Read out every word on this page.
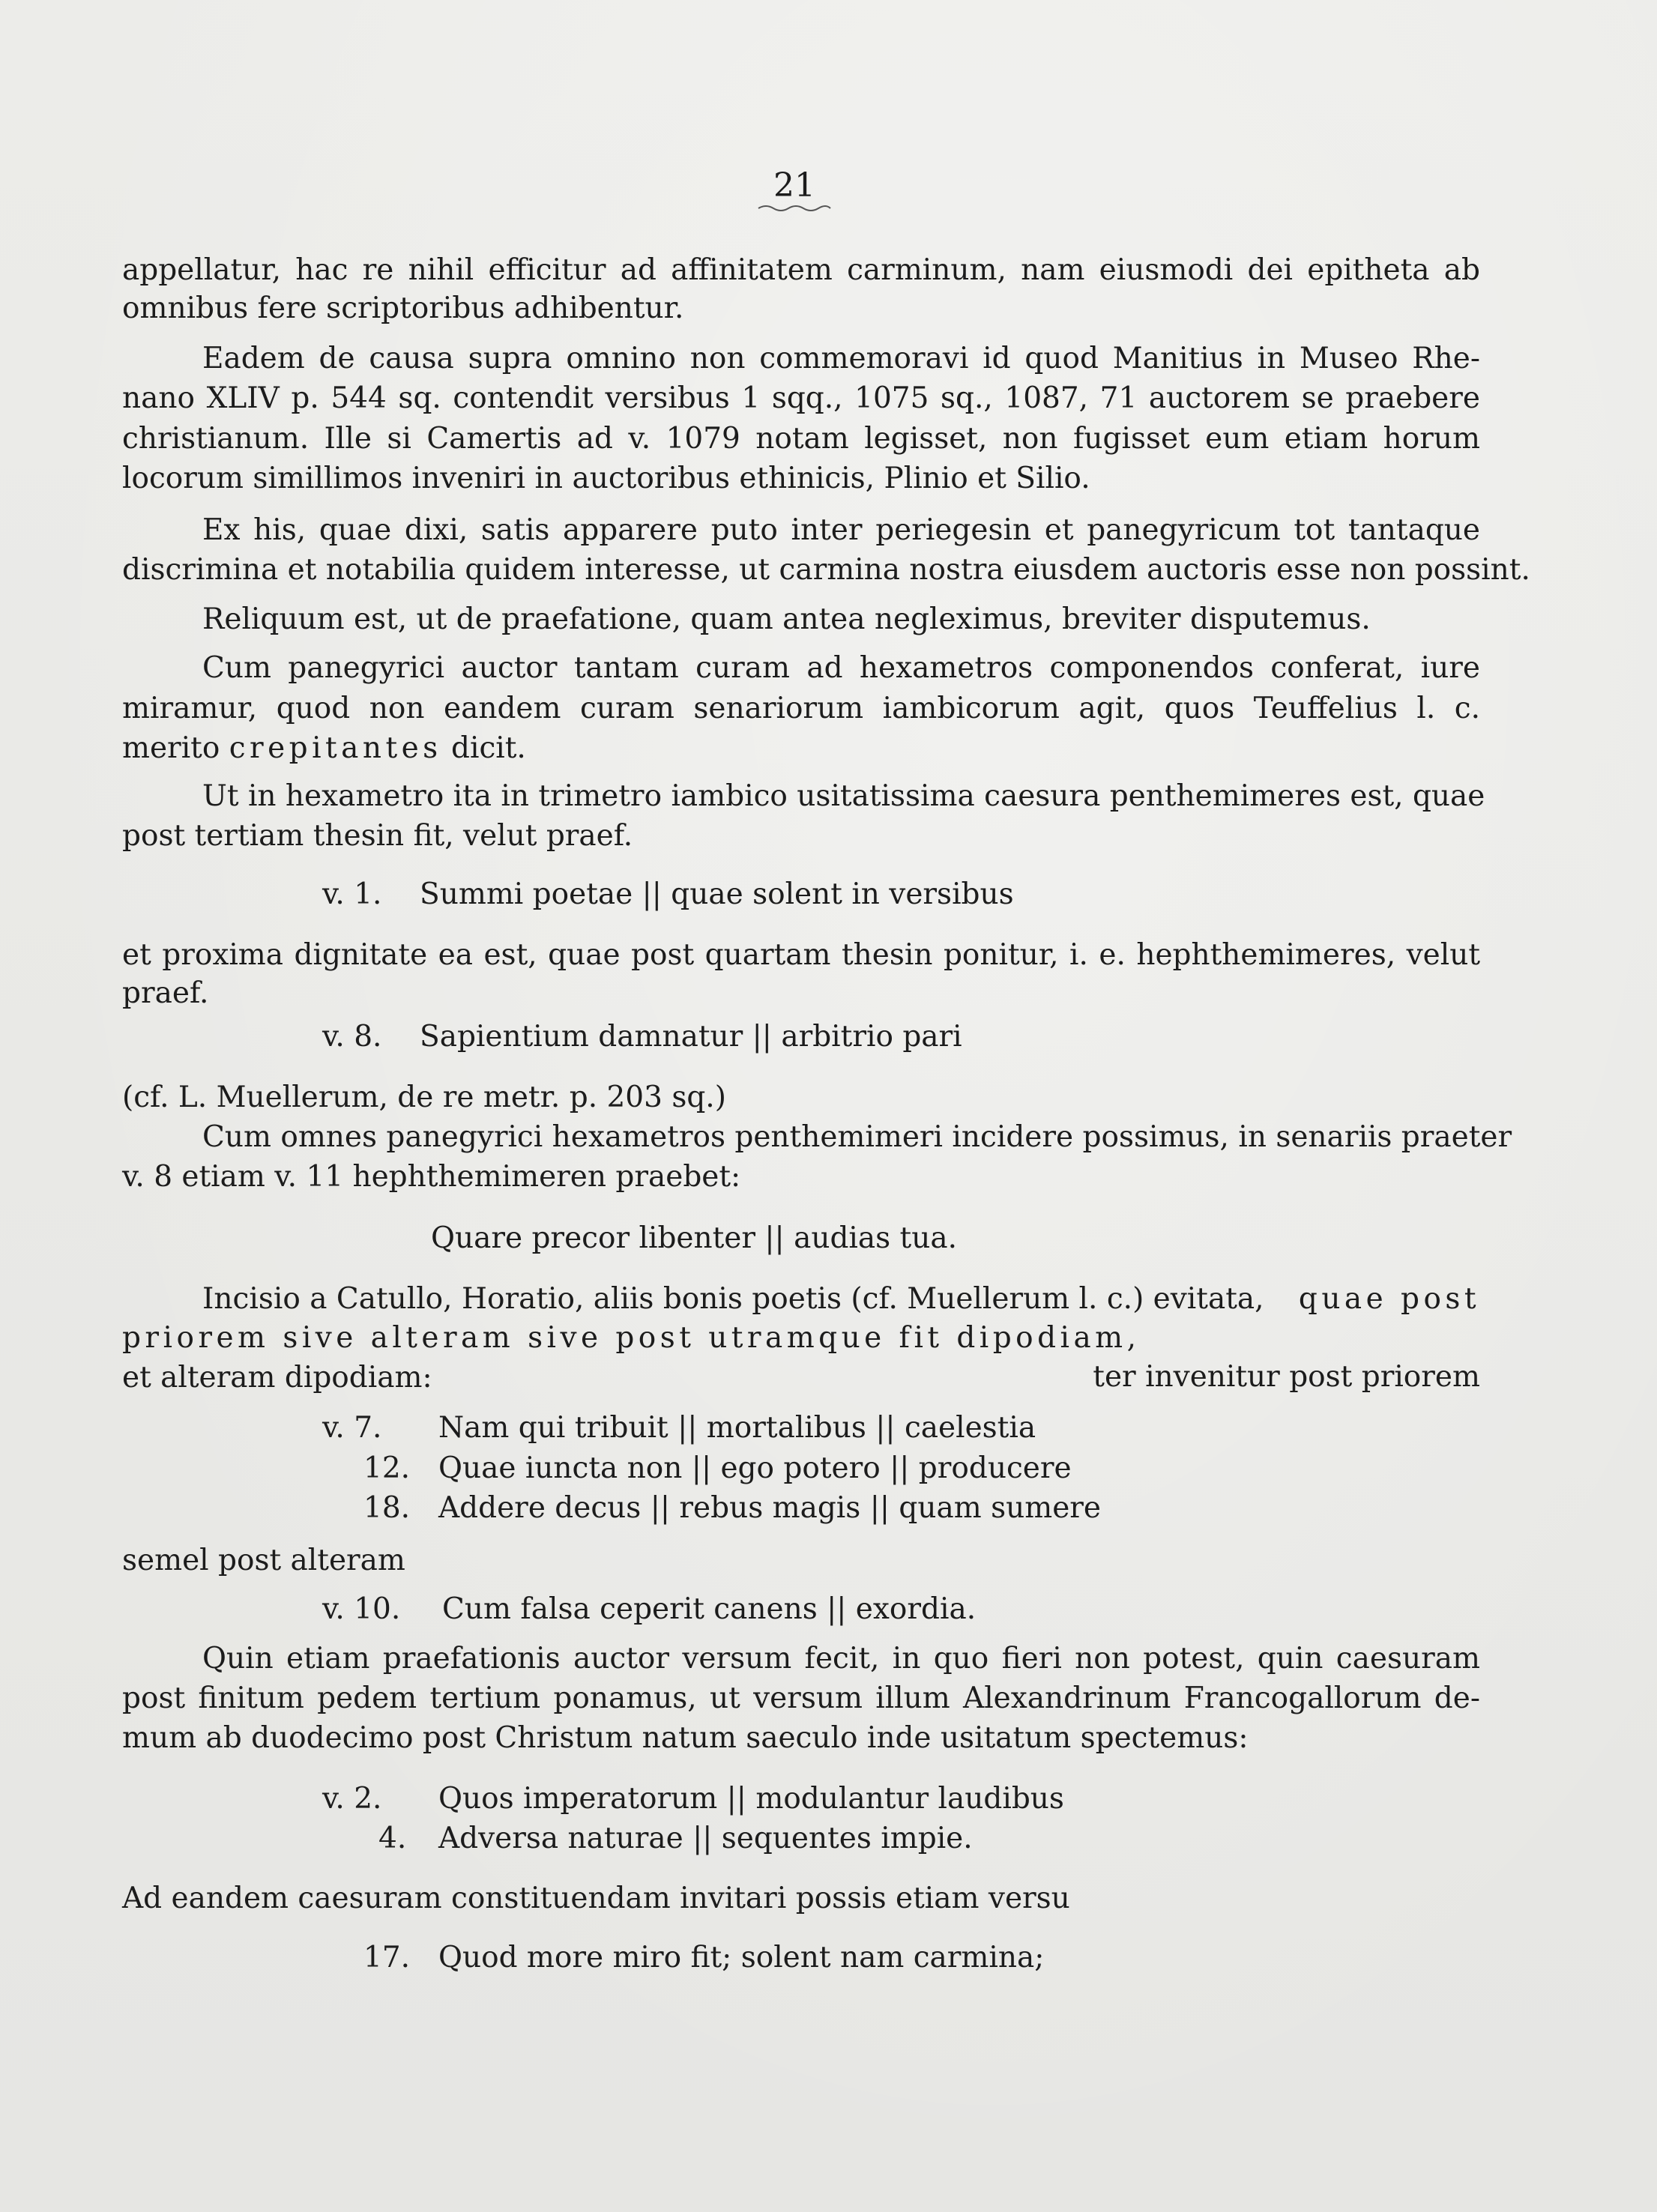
21
appellatur, hac re nihil efficitur ad affinitatem carminum, nam eiusmodi dei epitheta ab
omnibus fere scriptoribus adhibentur.
Eadem de causa supra omnino non commemoravi id quod Manitius in Museo Rhe-
nano XLIV p. 544 sq. contendit versibus 1 sqq., 1075 sq., 1087, 71 auctorem se praebere
christianum. Ille si Camertis ad v. 1079 notam legisset, non fugisset eum etiam horum
locorum simillimos inveniri in auctoribus ethinicis, Plinio et Silio.
Ex his, quae dixi, satis apparere puto inter periegesin et panegyricum tot tantaque
discrimina et notabilia quidem interesse, ut carmina nostra eiusdem auctoris esse non possint.
Reliquum est, ut de praefatione, quam antea negleximus, breviter disputemus.
Cum panegyrici auctor tantam curam ad hexametros componendos conferat, iure
miramur, quod non eandem curam senariorum iambicorum agit, quos Teuffelius l. c.
merito crepitantes dicit.
Ut in hexametro ita in trimetro iambico usitatissima caesura penthemimeres est, quae
post tertiam thesin fit, velut praef.
v. 1. Summi poetae || quae solent in versibus
et proxima dignitate ea est, quae post quartam thesin ponitur, i. e. hephthemimeres, velut
praef.
v. 8. Sapientium damnatur || arbitrio pari
(cf. L. Muellerum, de re metr. p. 203 sq.)
Cum omnes panegyrici hexametros penthemimeri incidere possimus, in senariis praeter
v. 8 etiam v. 11 hephthemimeren praebet:
Quare precor libenter || audias tua.
Incisio a Catullo, Horatio, aliis bonis poetis (cf. Muellerum l. c.) evitata, quae post
priorem sive alteram sive post utramque fit dipodiam,
ter invenitur post priorem
et alteram dipodiam:
v. 7. Nam qui tribuit || mortalibus || caelestia
12. Quae iuncta non || ego potero || producere
18. Addere decus || rebus magis || quam sumere
semel post alteram
v. 10. Cum falsa ceperit canens || exordia.
Quin etiam praefationis auctor versum fecit, in quo fieri non potest, quin caesuram
post finitum pedem tertium ponamus, ut versum illum Alexandrinum Francogallorum de-
mum ab duodecimo post Christum natum saeculo inde usitatum spectemus:
v. 2. Quos imperatorum || modulantur laudibus
4. Adversa naturae || sequentes impie.
Ad eandem caesuram constituendam invitari possis etiam versu
17. Quod more miro fit; solent nam carmina;
